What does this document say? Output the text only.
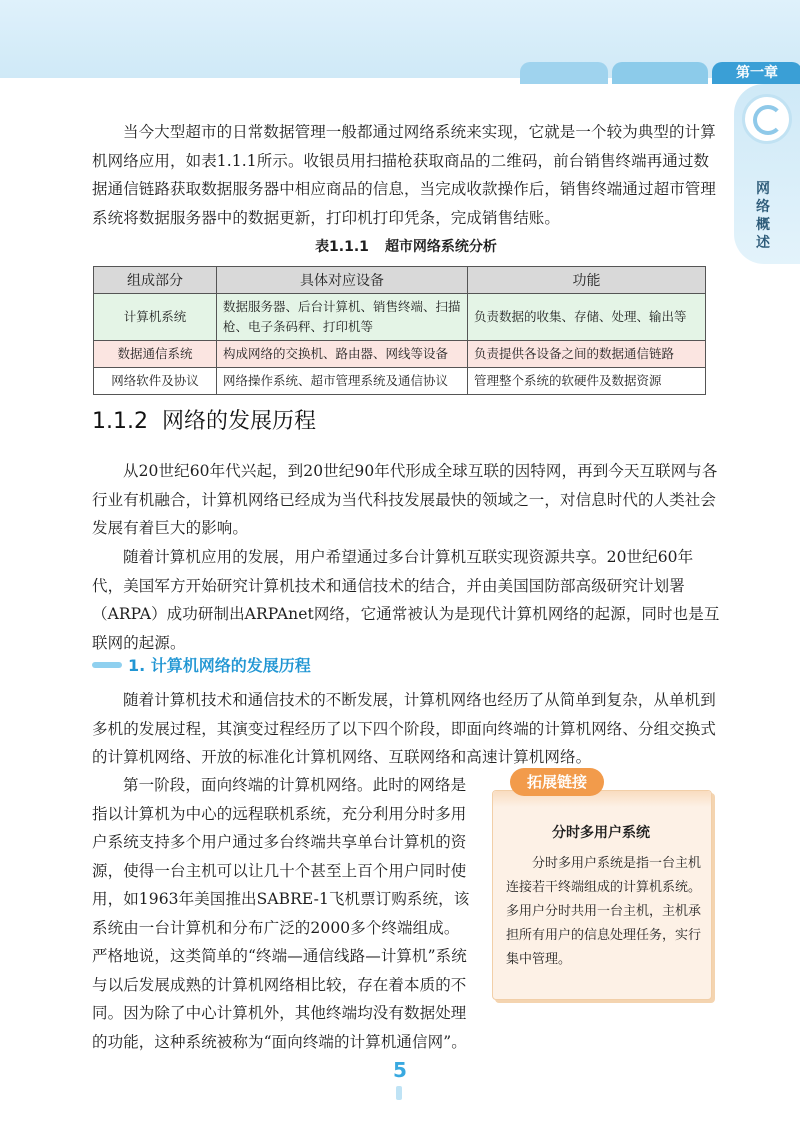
第一章
网络概述

当今大型超市的日常数据管理一般都通过网络系统来实现，它就是一个较为典型的计算机网络应用，如表1.1.1所示。收银员用扫描枪获取商品的二维码，前台销售终端再通过数据通信链路获取数据服务器中相应商品的信息，当完成收款操作后，销售终端通过超市管理系统将数据服务器中的数据更新，打印机打印凭条，完成销售结账。

表1.1.1 超市网络系统分析
组成部分	具体对应设备	功能
计算机系统	数据服务器、后台计算机、销售终端、扫描枪、电子条码秤、打印机等	负责数据的收集、存储、处理、输出等
数据通信系统	构成网络的交换机、路由器、网线等设备	负责提供各设备之间的数据通信链路
网络软件及协议	网络操作系统、超市管理系统及通信协议	管理整个系统的软硬件及数据资源
1.1.2 网络的发展历程

从20世纪60年代兴起，到20世纪90年代形成全球互联的因特网，再到今天互联网与各行业有机融合，计算机网络已经成为当代科技发展最快的领域之一，对信息时代的人类社会发展有着巨大的影响。

随着计算机应用的发展，用户希望通过多台计算机互联实现资源共享。20世纪60年代，美国军方开始研究计算机技术和通信技术的结合，并由美国国防部高级研究计划署（ARPA）成功研制出ARPAnet网络，它通常被认为是现代计算机网络的起源，同时也是互联网的起源。

1. 计算机网络的发展历程

随着计算机技术和通信技术的不断发展，计算机网络也经历了从简单到复杂，从单机到多机的发展过程，其演变过程经历了以下四个阶段，即面向终端的计算机网络、分组交换式的计算机网络、开放的标准化计算机网络、互联网络和高速计算机网络。

第一阶段，面向终端的计算机网络。此时的网络是指以计算机为中心的远程联机系统，充分利用分时多用户系统支持多个用户通过多台终端共享单台计算机的资源，使得一台主机可以让几十个甚至上百个用户同时使用，如1963年美国推出SABRE-1飞机票订购系统，该系统由一台计算机和分布广泛的2000多个终端组成。严格地说，这类简单的“终端—通信线路—计算机”系统与以后发展成熟的计算机网络相比较，存在着本质的不同。因为除了中心计算机外，其他终端均没有数据处理的功能，这种系统被称为“面向终端的计算机通信网”。

拓展链接
分时多用户系统

分时多用户系统是指一台主机连接若干终端组成的计算机系统。多用户分时共用一台主机，主机承担所有用户的信息处理任务，实行集中管理。

5
